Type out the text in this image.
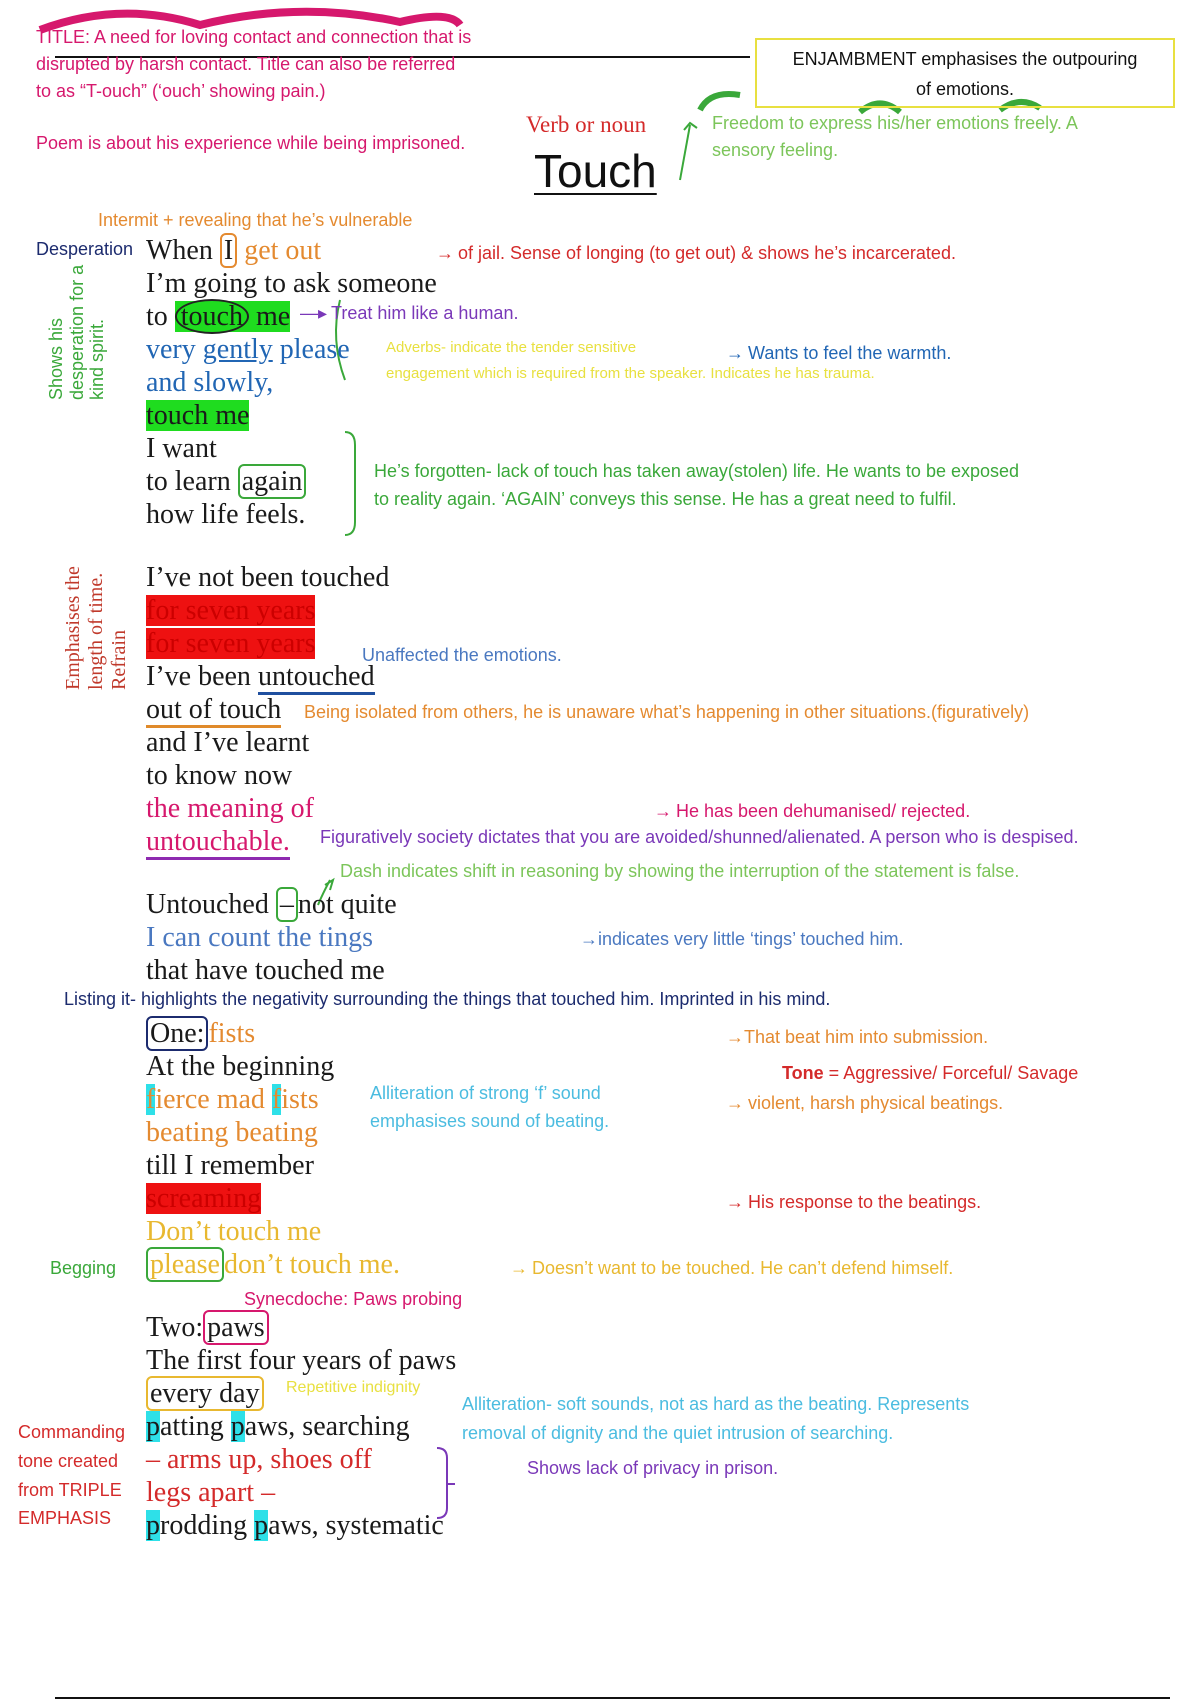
TITLE: A need for loving contact and connection that is
disrupted by harsh contact. Title can also be referred
to as “T-ouch” (‘ouch’ showing pain.)
Poem is about his experience while being imprisoned.
ENJAMBMENT emphasises the outpouring
of emotions.
Verb or noun
Touch
Freedom to express his/her emotions freely. A
sensory feeling.
Intermit + revealing that he’s vulnerable
Desperation
Shows his desperation for a kind spirit.
Emphasises the length of time. Refrain
When I get out
I’m going to ask someone
to touch me
very gently please
and slowly,
touch me
I want
to learn again
how life feels.
I’ve not been touched
for seven years
for seven years
I’ve been untouched
out of touch
and I’ve learnt
to know now
the meaning of
untouchable.
Untouched – not quite
I can count the tings
that have touched me
One: fists
At the beginning
fierce mad fists
beating beating
till I remember
screaming
Don’t touch me
please don’t touch me.
Two: paws
The first four years of paws
every day
patting paws, searching
– arms up, shoes off
legs apart –
prodding paws, systematic
→ of jail. Sense of longing (to get out) & shows he’s incarcerated.
—▸ Treat him like a human.
Adverbs- indicate the tender sensitive
engagement which is required from the speaker. Indicates he has trauma.
→ Wants to feel the warmth.
He’s forgotten- lack of touch has taken away(stolen) life. He wants to be exposed
to reality again. ‘AGAIN’ conveys this sense. He has a great need to fulfil.
Unaffected the emotions.
Being isolated from others, he is unaware what’s happening in other situations.(figuratively)
→ He has been dehumanised/ rejected.
Figuratively society dictates that you are avoided/shunned/alienated. A person who is despised.
Dash indicates shift in reasoning by showing the interruption of the statement is false.
→indicates very little ‘tings’ touched him.
Listing it- highlights the negativity surrounding the things that touched him. Imprinted in his mind.
→That beat him into submission.
Tone = Aggressive/ Forceful/ Savage
Alliteration of strong ‘f’ sound
emphasises sound of beating.
→ violent, harsh physical beatings.
→ His response to the beatings.
Begging	→ Doesn’t want to be touched. He can’t defend himself.
Synecdoche: Paws probing
Repetitive indignity
Alliteration- soft sounds, not as hard as the beating. Represents
removal of dignity and the quiet intrusion of searching.
Commanding
tone created
from TRIPLE
EMPHASIS
Shows lack of privacy in prison.
